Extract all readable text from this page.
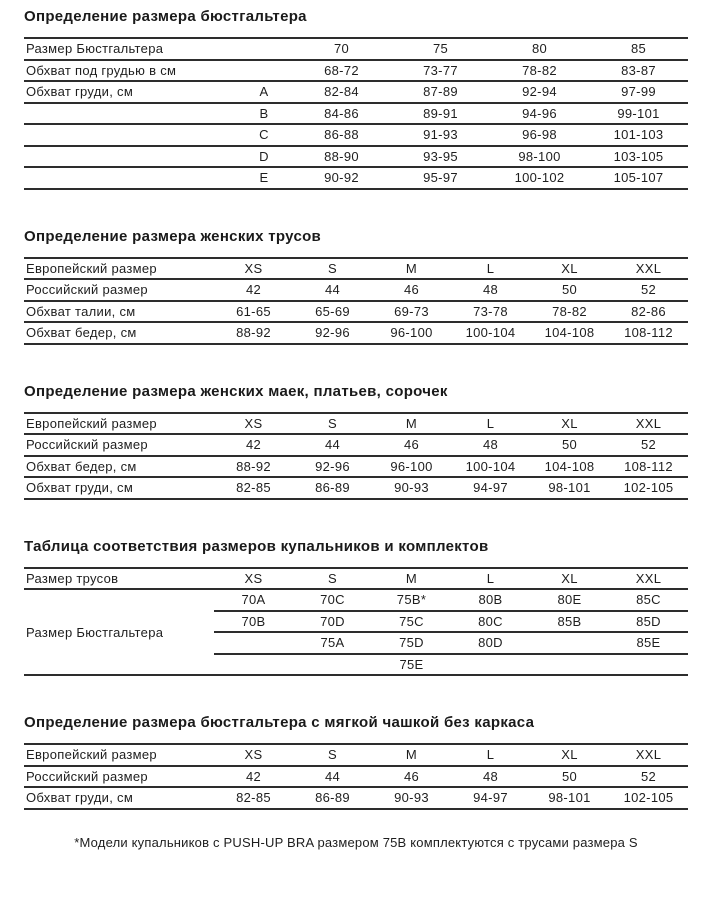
Определение размера бюстгальтера
Размер Бюстгальтера		70	75	80	85
Обхват под грудью в см		68-72	73-77	78-82	83-87
Обхват груди, см	A	82-84	87-89	92-94	97-99
	B	84-86	89-91	94-96	99-101
	C	86-88	91-93	96-98	101-103
	D	88-90	93-95	98-100	103-105
	E	90-92	95-97	100-102	105-107
Определение размера женских трусов
Европейский размер	XS	S	M	L	XL	XXL
Российский размер	42	44	46	48	50	52
Обхват талии, см	61-65	65-69	69-73	73-78	78-82	82-86
Обхват бедер, см	88-92	92-96	96-100	100-104	104-108	108-112
Определение размера женских маек, платьев, сорочек
Европейский размер	XS	S	M	L	XL	XXL
Российский размер	42	44	46	48	50	52
Обхват бедер, см	88-92	92-96	96-100	100-104	104-108	108-112
Обхват груди, см	82-85	86-89	90-93	94-97	98-101	102-105
Таблица соответствия размеров купальников и комплектов
Размер трусов	XS	S	M	L	XL	XXL
Размер Бюстгальтера	70A	70C	75B*	80B	80E	85C
	70B	70D	75C	80C	85B	85D
		75A	75D	80D		85E
			75E			
Определение размера бюстгальтера с мягкой чашкой без каркаса
Европейский размер	XS	S	M	L	XL	XXL
Российский размер	42	44	46	48	50	52
Обхват груди, см	82-85	86-89	90-93	94-97	98-101	102-105

*Модели купальников с PUSH-UP BRA размером 75B комплектуются с трусами размера S
